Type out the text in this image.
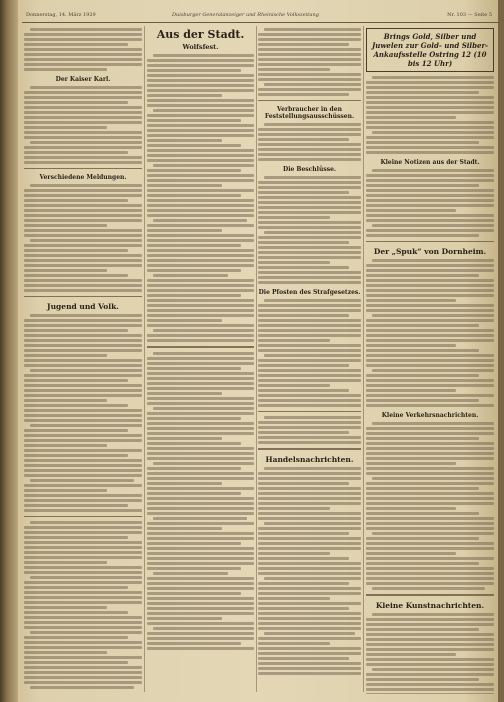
Donnerstag, 14. März 1929	Duisburger Generalanzeiger und Rheinische Volkszeitung	Nr. 103 — Seite 5
Der Kaiser Karl.
Verschiedene Meldungen.
Jugend und Volk.
Aus der Stadt.
Wolfsfest.
Verbraucher in den Feststellungsausschüssen.
Die Beschlüsse.
Die Pfosten des Strafgesetzes.
Handelsnachrichten.
Brings Gold, Silber und Juwelen zur Gold- und Silber-Ankaufsstelle Ostring 12 (10 bis 12 Uhr)
Kleine Notizen aus der Stadt.
Der „Spuk“ von Dornheim.
Kleine Verkehrsnachrichten.
Kleine Kunstnachrichten.
